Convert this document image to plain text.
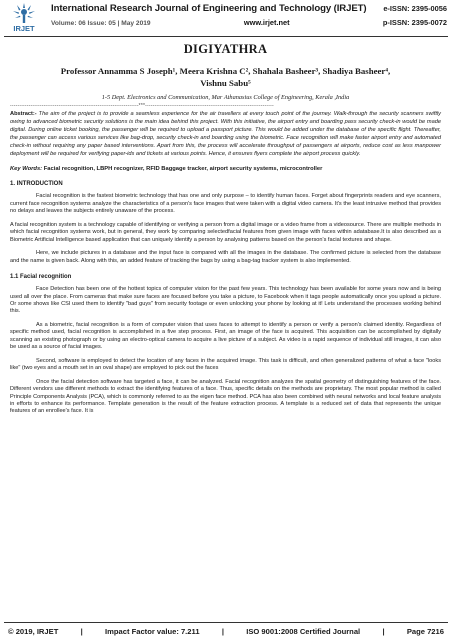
IRJET
International Research Journal of Engineering and Technology (IRJET) e-ISSN: 2395-0056
Volume: 06 Issue: 05 | May 2019	www.irjet.net	p-ISSN: 2395-0072
DIGIYATHRA
Professor Annamma S Joseph¹, Meera Krishna C², Shahala Basheer³, Shadiya Basheer⁴,
Vishnu Sabu⁵
1-5 Dept. Electronics and Communication, Mar Athanasius College of Engineering, Kerala ,India
---------------------------------------------------------------------***---------------------------------------------------------------------
Abstract:- The aim of the project is to provide a seamless experience for the air travellers at every touch point of the journey. Walk-through the security scanners swiftly owing to advanced biometric security solutions is the main idea behind this project. With this initiative, the airport entry and boarding pass security check-in would be made digital. During online ticket booking, the passenger will be required to upload a passport picture. This would be added under the database of the specific flight. Thereafter, the passenger can access various services like bag-drop, security check-in and boarding using the biometric. Face recognition will make faster airport entry and automated check-in without requiring any paper based interventions. Apart from this, the process will accelerate throughput of passengers at airports, reduce cost as less manpower deployment will be required for verifying paper-ids and tickets at various points. Hence, it ensures flyers complete the airport process quickly.
Key Words: Facial recognition, LBPH recognizer, RFID Baggage tracker, airport security systems, microcontroller
1. INTRODUCTION
Facial recognition is the fastest biometric technology that has one and only purpose – to identify human faces. Forget about fingerprints readers and eye scanners, current face recognition systems analyze the characteristics of a person's face images that were taken with a digital video camera. It's the least intrusive method that provides no delays and leaves the subjects entirely unaware of the process.
A facial recognition system is a technology capable of identifying or verifying a person from a digital image or a video frame from a videosource. There are multiple methods in which facial recognition systems work, but in general, they work by comparing selectedfacial features from given image with faces within adatabase.It is also described as a Biometric Artificial Intelligence based application that can uniquely identify a person by analysing patterns based on the person's facial textures and shape.
Here, we include pictures in a database and the input face is compared with all the images in the database. The confirmed picture is selected from the database and the name is given back. Along with this, an added feature of tracking the bags by using a bag-tag tracker system is also implemented.
1.1 Facial recognition
Face Detection has been one of the hottest topics of computer vision for the past few years. This technology has been available for some years now and is being used all over the place. From cameras that make sure faces are focused before you take a picture, to Facebook when it tags people automatically once you upload a picture. Or some shows like CSI used them to identify "bad guys" from security footage or even unlocking your phone by looking at it! Lets understand the processes working behind this.
As a biometric, facial recognition is a form of computer vision that uses faces to attempt to identify a person or verify a person's claimed identity. Regardless of specific method used, facial recognition is accomplished in a five step process. First, an image of the face is acquired. This acquisition can be accomplished by digitally scanning an existing photograph or by using an electro-optical camera to acquire a live picture of a subject. As video is a rapid sequence of individual still images, it can also be used as a source of facial images.
Second, software is employed to detect the location of any faces in the acquired image. This task is difficult, and often generalized patterns of what a face "looks like" (two eyes and a mouth set in an oval shape) are employed to pick out the faces
Once the facial detection software has targeted a face, it can be analyzed. Facial recognition analyzes the spatial geometry of distinguishing features of the face. Different vendors use different methods to extract the identifying features of a face. Thus, specific details on the methods are proprietary. The most popular method is called Principle Components Analysis (PCA), which is commonly referred to as the eigen face method. PCA has also been combined with neural networks and local feature analysis in efforts to enhance its performance. Template generation is the result of the feature extraction process. A template is a reduced set of data that represents the unique features of an enrollee's face. It is
© 2019, IRJET	|	Impact Factor value: 7.211	|	ISO 9001:2008 Certified Journal	|	Page 7216
